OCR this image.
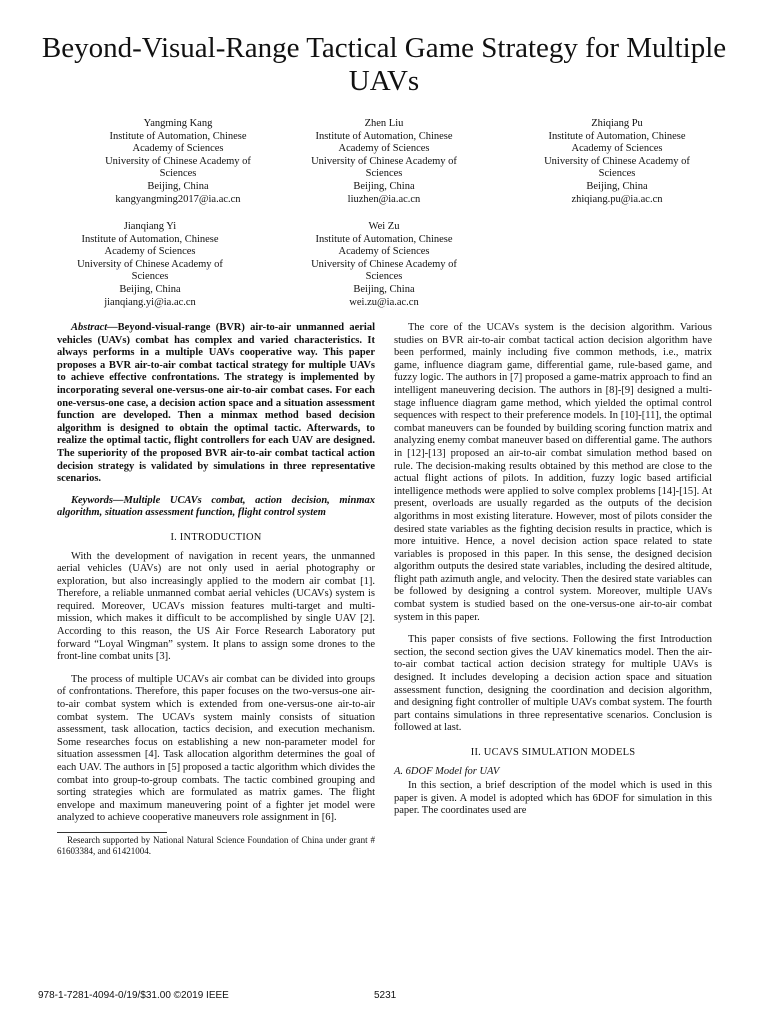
Beyond-Visual-Range Tactical Game Strategy for Multiple UAVs
Yangming Kang
Institute of Automation, Chinese
Academy of Sciences
University of Chinese Academy of
Sciences
Beijing, China
kangyangming2017@ia.ac.cn
Zhen Liu
Institute of Automation, Chinese
Academy of Sciences
University of Chinese Academy of
Sciences
Beijing, China
liuzhen@ia.ac.cn
Zhiqiang Pu
Institute of Automation, Chinese
Academy of Sciences
University of Chinese Academy of
Sciences
Beijing, China
zhiqiang.pu@ia.ac.cn
Jianqiang Yi
Institute of Automation, Chinese
Academy of Sciences
University of Chinese Academy of
Sciences
Beijing, China
jianqiang.yi@ia.ac.cn
Wei Zu
Institute of Automation, Chinese
Academy of Sciences
University of Chinese Academy of
Sciences
Beijing, China
wei.zu@ia.ac.cn

Abstract—Beyond-visual-range (BVR) air-to-air unmanned aerial vehicles (UAVs) combat has complex and varied characteristics. It always performs in a multiple UAVs cooperative way. This paper proposes a BVR air-to-air combat tactical strategy for multiple UAVs to achieve effective confrontations. The strategy is implemented by incorporating several one-versus-one air-to-air combat cases. For each one-versus-one case, a decision action space and a situation assessment function are developed. Then a minmax method based decision algorithm is designed to obtain the optimal tactic. Afterwards, to realize the optimal tactic, flight controllers for each UAV are designed. The superiority of the proposed BVR air-to-air combat tactical action decision strategy is validated by simulations in three representative scenarios.

Keywords—Multiple UCAVs combat, action decision, minmax algorithm, situation assessment function, flight control system

I. INTRODUCTION

With the development of navigation in recent years, the unmanned aerial vehicles (UAVs) are not only used in aerial photography or exploration, but also increasingly applied to the modern air combat [1]. Therefore, a reliable unmanned combat aerial vehicles (UCAVs) system is required. Moreover, UCAVs mission features multi-target and multi-mission, which makes it difficult to be accomplished by single UAV [2]. According to this reason, the US Air Force Research Laboratory put forward “Loyal Wingman” system. It plans to assign some drones to the front-line combat units [3].

The process of multiple UCAVs air combat can be divided into groups of confrontations. Therefore, this paper focuses on the two-versus-one air-to-air combat system which is extended from one-versus-one air-to-air combat system. The UCAVs system mainly consists of situation assessment, task allocation, tactics decision, and execution mechanism. Some researches focus on establishing a new non-parameter model for situation assessmen [4]. Task allocation algorithm determines the goal of each UAV. The authors in [5] proposed a tactic algorithm which divides the combat into group-to-group combats. The tactic combined grouping and sorting strategies which are formulated as matrix games. The flight envelope and maximum maneuvering point of a fighter jet model were analyzed to achieve cooperative maneuvers role assignment in [6].

Research supported by National Natural Science Foundation of China under grant # 61603384, and 61421004.

The core of the UCAVs system is the decision algorithm. Various studies on BVR air-to-air combat tactical action decision algorithm have been performed, mainly including five common methods, i.e., matrix game, influence diagram game, differential game, rule-based game, and fuzzy logic. The authors in [7] proposed a game-matrix approach to find an intelligent maneuvering decision. The authors in [8]-[9] designed a multi-stage influence diagram game method, which yielded the optimal control sequences with respect to their preference models. In [10]-[11], the optimal combat maneuvers can be founded by building scoring function matrix and analyzing enemy combat maneuver based on differential game. The authors in [12]-[13] proposed an air-to-air combat simulation method based on rule. The decision-making results obtained by this method are close to the actual flight actions of pilots. In addition, fuzzy logic based artificial intelligence methods were applied to solve complex problems [14]-[15]. At present, overloads are usually regarded as the outputs of the decision algorithms in most existing literature. However, most of pilots consider the desired state variables as the fighting decision results in practice, which is more intuitive. Hence, a novel decision action space related to state variables is proposed in this paper. In this sense, the designed decision algorithm outputs the desired state variables, including the desired altitude, flight path azimuth angle, and velocity. Then the desired state variables can be followed by designing a control system. Moreover, multiple UAVs combat system is studied based on the one-versus-one air-to-air combat system in this paper.

This paper consists of five sections. Following the first Introduction section, the second section gives the UAV kinematics model. Then the air-to-air combat tactical action decision strategy for multiple UAVs is designed. It includes developing a decision action space and situation assessment function, designing the coordination and decision algorithm, and designing fight controller of multiple UAVs combat system. The fourth part contains simulations in three representative scenarios. Conclusion is followed at last.

II. UCAVS SIMULATION MODELS
A. 6DOF Model for UAV

In this section, a brief description of the model which is used in this paper is given. A model is adopted which has 6DOF for simulation in this paper. The coordinates used are

978-1-7281-4094-0/19/$31.00 ©2019 IEEE	5231
